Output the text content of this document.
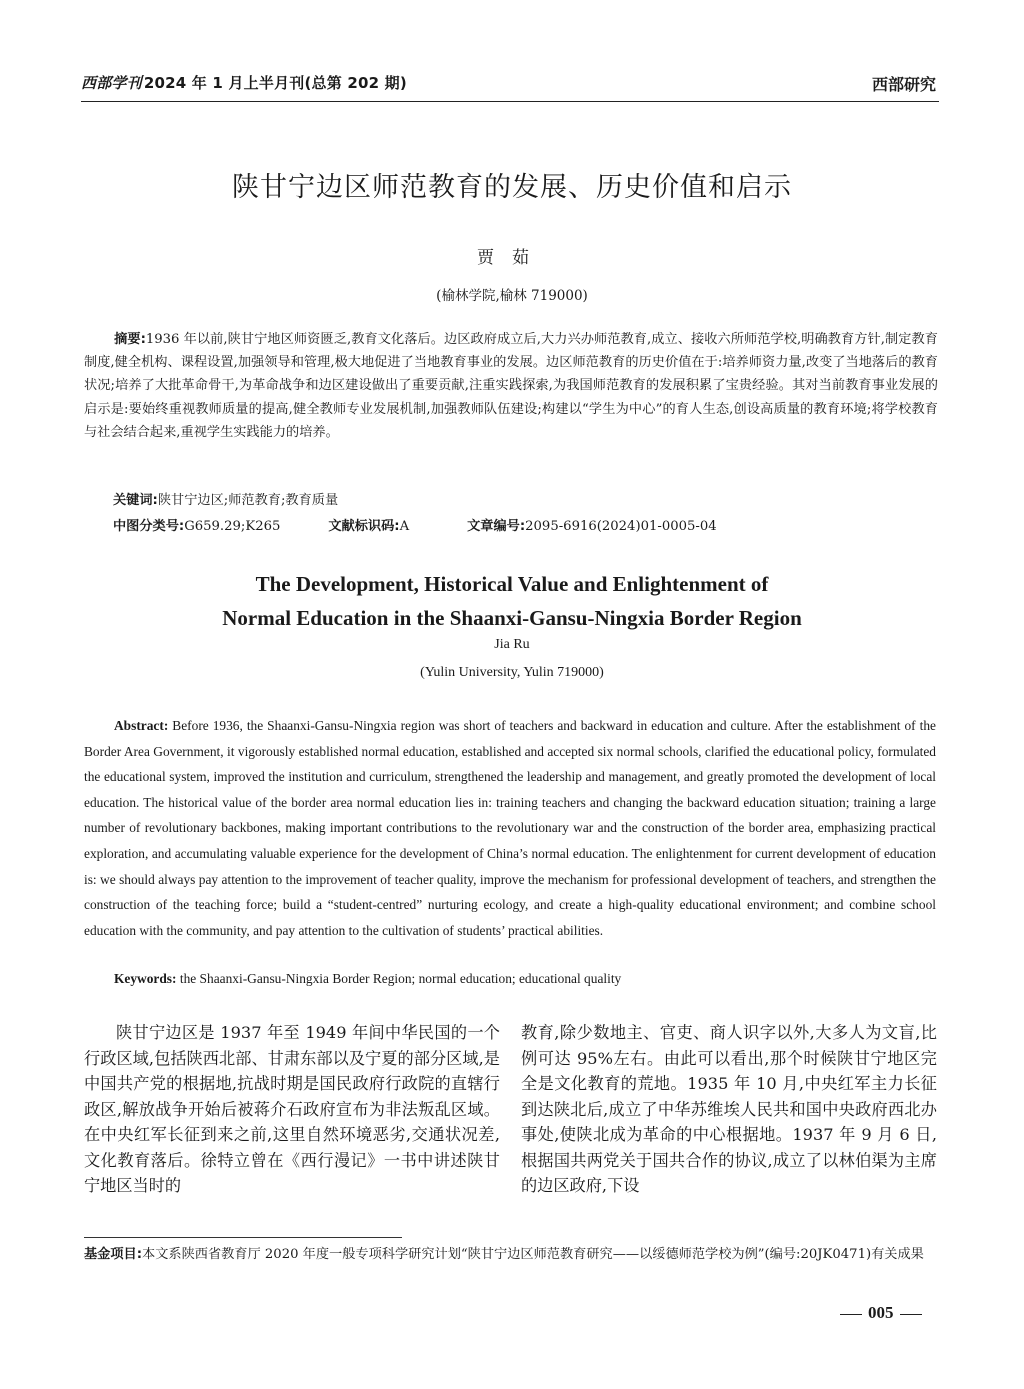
西部学刊 2024 年 1 月上半月刊(总第 202 期)	西部研究
陕甘宁边区师范教育的发展、历史价值和启示
贾茹
(榆林学院,榆林 719000)
摘要:1936 年以前,陕甘宁地区师资匮乏,教育文化落后。边区政府成立后,大力兴办师范教育,成立、接收六所师范学校,明确教育方针,制定教育制度,健全机构、课程设置,加强领导和管理,极大地促进了当地教育事业的发展。边区师范教育的历史价值在于:培养师资力量,改变了当地落后的教育状况;培养了大批革命骨干,为革命战争和边区建设做出了重要贡献,注重实践探索,为我国师范教育的发展积累了宝贵经验。其对当前教育事业发展的启示是:要始终重视教师质量的提高,健全教师专业发展机制,加强教师队伍建设;构建以“学生为中心”的育人生态,创设高质量的教育环境;将学校教育与社会结合起来,重视学生实践能力的培养。
关键词:陕甘宁边区;师范教育;教育质量
中图分类号:G659.29;K265	文献标识码:A	文章编号:2095-6916(2024)01-0005-04
The Development, Historical Value and Enlightenment of
Normal Education in the Shaanxi-Gansu-Ningxia Border Region
Jia Ru
(Yulin University, Yulin 719000)
Abstract: Before 1936, the Shaanxi-Gansu-Ningxia region was short of teachers and backward in education and culture. After the establishment of the Border Area Government, it vigorously established normal education, established and accepted six normal schools, clarified the educational policy, formulated the educational system, improved the institution and curriculum, strengthened the leadership and management, and greatly promoted the development of local education. The historical value of the border area normal education lies in: training teachers and changing the backward education situation; training a large number of revolutionary backbones, making important contributions to the revolutionary war and the construction of the border area, emphasizing practical exploration, and accumulating valuable experience for the development of China’s normal education. The enlightenment for current development of education is: we should always pay attention to the improvement of teacher quality, improve the mechanism for professional development of teachers, and strengthen the construction of the teaching force; build a “student-centred” nurturing ecology, and create a high-quality educational environment; and combine school education with the community, and pay attention to the cultivation of students’ practical abilities.
Keywords: the Shaanxi-Gansu-Ningxia Border Region; normal education; educational quality
陕甘宁边区是 1937 年至 1949 年间中华民国的一个行政区域,包括陕西北部、甘肃东部以及宁夏的部分区域,是中国共产党的根据地,抗战时期是国民政府行政院的直辖行政区,解放战争开始后被蒋介石政府宣布为非法叛乱区域。在中央红军长征到来之前,这里自然环境恶劣,交通状况差,文化教育落后。徐特立曾在《西行漫记》一书中讲述陕甘宁地区当时的
教育,除少数地主、官吏、商人识字以外,大多人为文盲,比例可达 95%左右。由此可以看出,那个时候陕甘宁地区完全是文化教育的荒地。1935 年 10 月,中央红军主力长征到达陕北后,成立了中华苏维埃人民共和国中央政府西北办事处,使陕北成为革命的中心根据地。1937 年 9 月 6 日,根据国共两党关于国共合作的协议,成立了以林伯渠为主席的边区政府,下设
基金项目:本文系陕西省教育厅 2020 年度一般专项科学研究计划“陕甘宁边区师范教育研究——以绥德师范学校为例”(编号:20JK0471)有关成果
005
